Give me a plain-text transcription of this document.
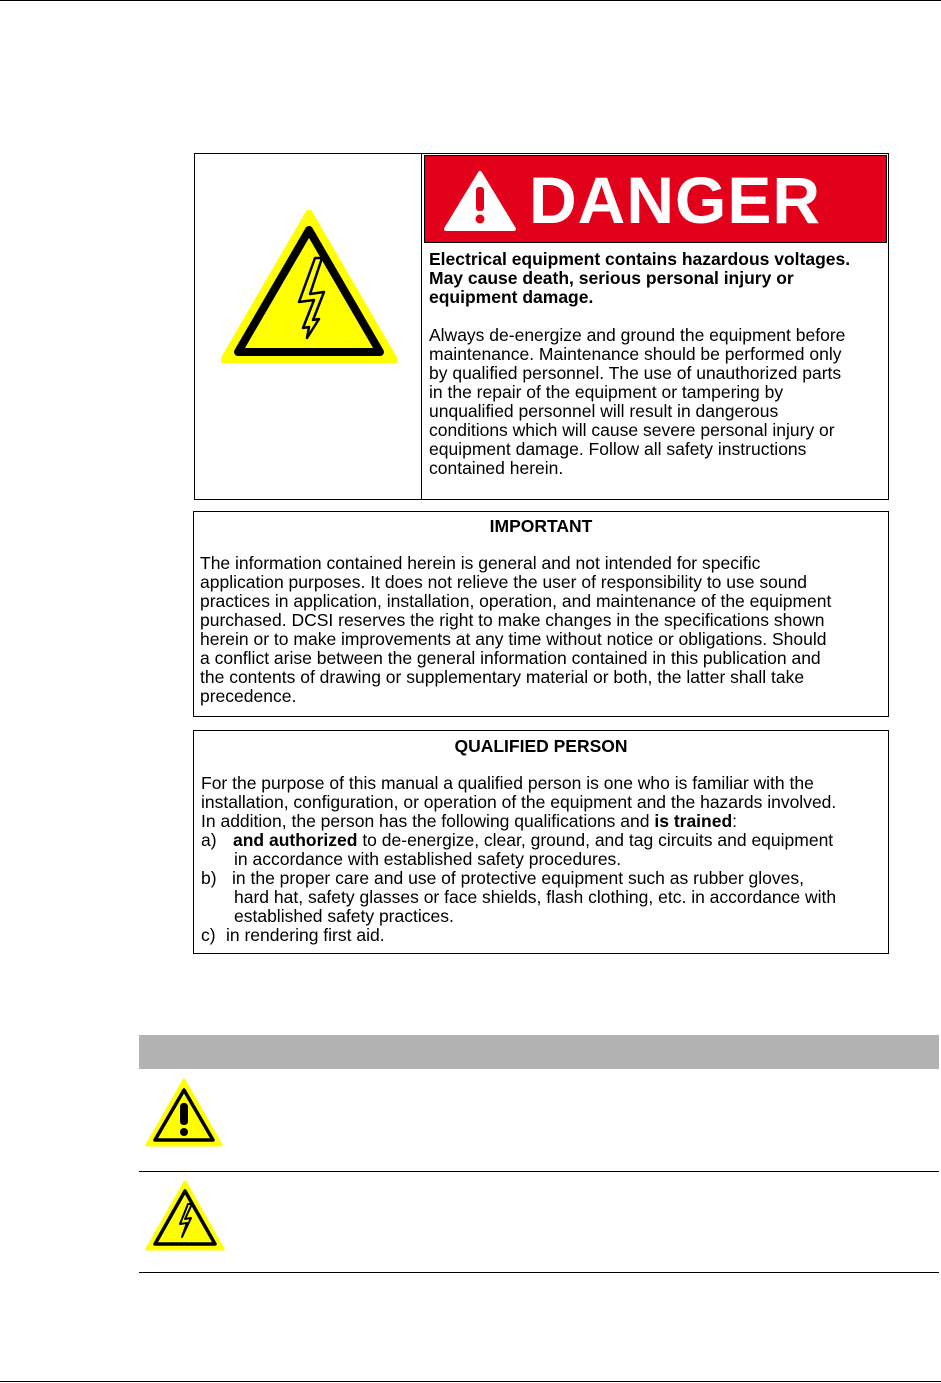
DANGER
Electrical equipment contains hazardous voltages.
May cause death, serious personal injury or
equipment damage.
Always de-energize and ground the equipment before
maintenance. Maintenance should be performed only
by qualified personnel. The use of unauthorized parts
in the repair of the equipment or tampering by
unqualified personnel will result in dangerous
conditions which will cause severe personal injury or
equipment damage. Follow all safety instructions
contained herein.
IMPORTANT
The information contained herein is general and not intended for specific
application purposes. It does not relieve the user of responsibility to use sound
practices in application, installation, operation, and maintenance of the equipment
purchased. DCSI reserves the right to make changes in the specifications shown
herein or to make improvements at any time without notice or obligations. Should
a conflict arise between the general information contained in this publication and
the contents of drawing or supplementary material or both, the latter shall take
precedence.
QUALIFIED PERSON
For the purpose of this manual a qualified person is one who is familiar with the
installation, configuration, or operation of the equipment and the hazards involved.
In addition, the person has the following qualifications and is trained:
a) and authorized to de-energize, clear, ground, and tag circuits and equipment
in accordance with established safety procedures.
b) in the proper care and use of protective equipment such as rubber gloves,
hard hat, safety glasses or face shields, flash clothing, etc. in accordance with
established safety practices.
c) in rendering first aid.
